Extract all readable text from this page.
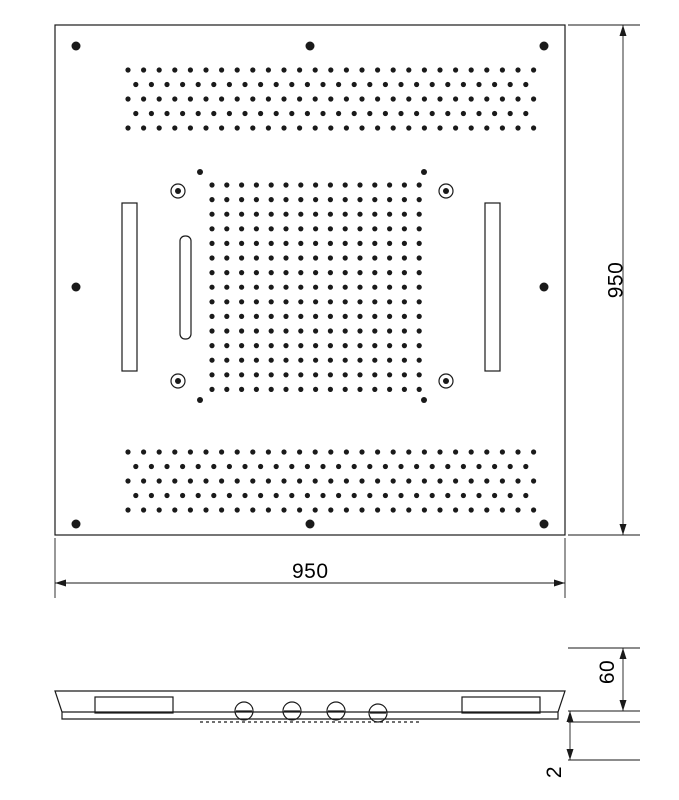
950
950
60
2
